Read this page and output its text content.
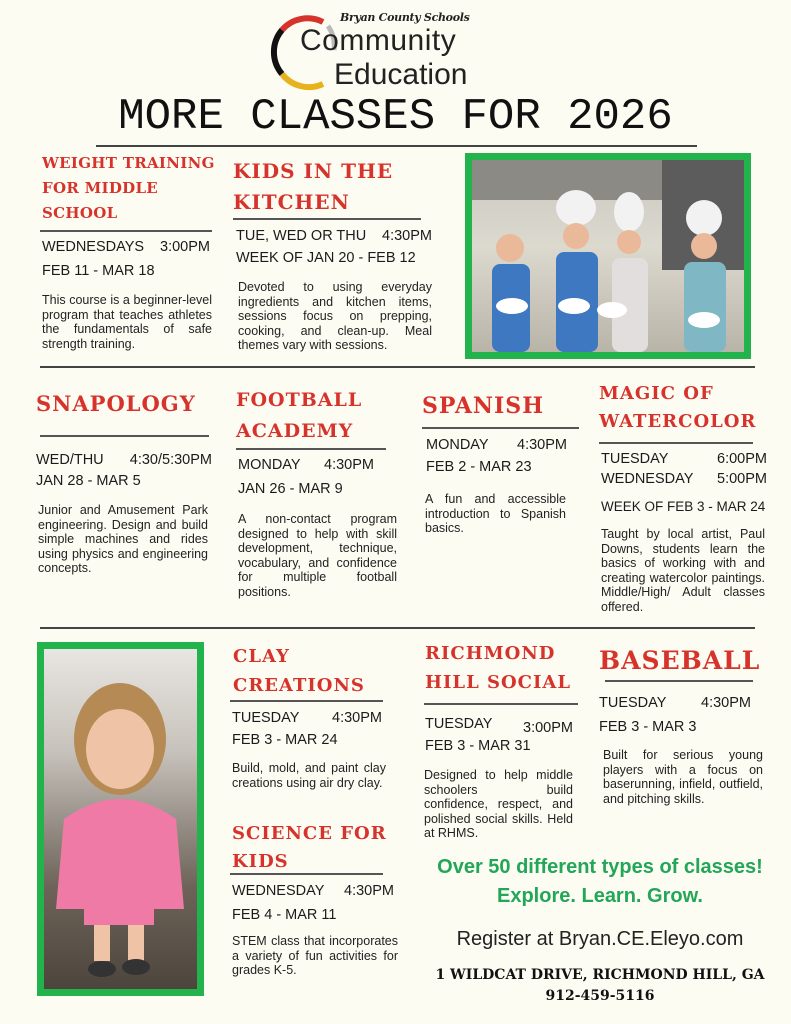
Bryan County Schools
Community
Education
MORE CLASSES FOR 2026
WEIGHT TRAINING
FOR MIDDLE
SCHOOL
WEDNESDAYS 3:00PM
FEB 11 - MAR 18
This course is a beginner-level program that teaches athletes the fundamentals of safe strength training.
KIDS IN THE
KITCHEN
TUE, WED OR THU 4:30PM
WEEK OF JAN 20 - FEB 12
Devoted to using everyday ingredients and kitchen items, sessions focus on prepping, cooking, and clean-up. Meal themes vary with sessions.
SNAPOLOGY
WED/THU 4:30/5:30PM
JAN 28 - MAR 5
Junior and Amusement Park engineering. Design and build simple machines and rides using physics and engineering concepts.
FOOTBALL
ACADEMY
MONDAY 4:30PM
JAN 26 - MAR 9
A non-contact program designed to help with skill development, technique, vocabulary, and confidence for multiple football positions.
SPANISH
MONDAY 4:30PM
FEB 2 - MAR 23
A fun and accessible introduction to Spanish basics.
MAGIC OF
WATERCOLOR
TUESDAY	6:00PM
WEDNESDAY 5:00PM
WEEK OF FEB 3 - MAR 24
Taught by local artist, Paul Downs, students learn the basics of working with and creating watercolor paintings. Middle/High/ Adult classes offered.
CLAY
CREATIONS
TUESDAY 4:30PM
FEB 3 - MAR 24
Build, mold, and paint clay creations using air dry clay.
SCIENCE FOR
KIDS
WEDNESDAY 4:30PM
FEB 4 - MAR 11
STEM class that incorporates a variety of fun activities for grades K-5.
RICHMOND
HILL SOCIAL
TUESDAY 3:00PM
FEB 3 - MAR 31
Designed to help middle schoolers build confidence, respect, and polished social skills. Held at RHMS.
BASEBALL
TUESDAY 4:30PM
FEB 3 - MAR 3
Built for serious young players with a focus on baserunning, infield, outfield, and pitching skills.
Over 50 different types of classes!
Explore. Learn. Grow.
Register at Bryan.CE.Eleyo.com
1 WILDCAT DRIVE, RICHMOND HILL, GA
912-459-5116
